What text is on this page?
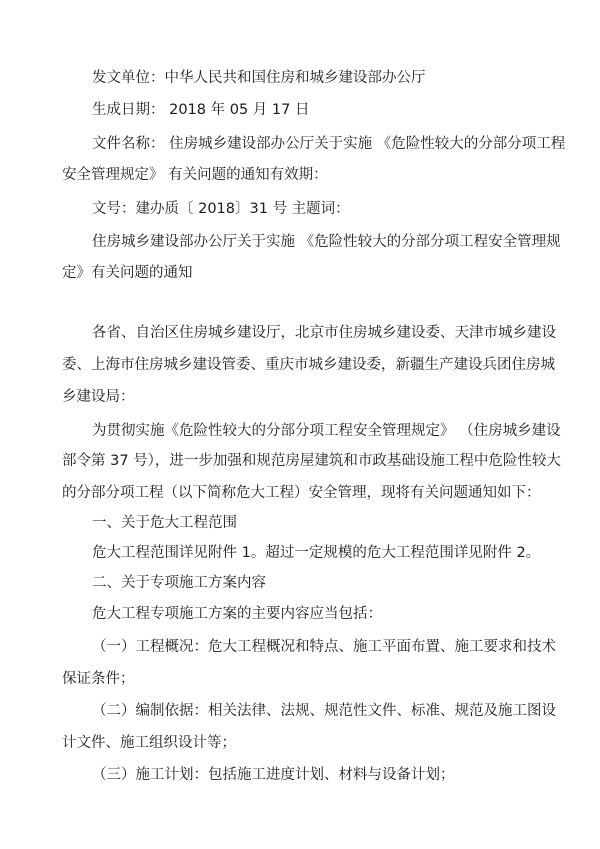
发文单位：中华人民共和国住房和城乡建设部办公厅
生成日期： 2018 年 05 月 17 日
文件名称： 住房城乡建设部办公厅关于实施 《危险性较大的分部分项工程
安全管理规定》 有关问题的通知有效期：
文号：建办质〔 2018〕31 号 主题词：
住房城乡建设部办公厅关于实施 《危险性较大的分部分项工程安全管理规
定》有关问题的通知
各省、自治区住房城乡建设厅，北京市住房城乡建设委、天津市城乡建设
委、上海市住房城乡建设管委、重庆市城乡建设委，新疆生产建设兵团住房城
乡建设局：
为贯彻实施《危险性较大的分部分项工程安全管理规定》 （住房城乡建设
部令第 37 号），进一步加强和规范房屋建筑和市政基础设施工程中危险性较大
的分部分项工程（以下简称危大工程）安全管理，现将有关问题通知如下：
一、关于危大工程范围
危大工程范围详见附件 1。超过一定规模的危大工程范围详见附件 2。
二、关于专项施工方案内容
危大工程专项施工方案的主要内容应当包括：
（一）工程概况：危大工程概况和特点、施工平面布置、施工要求和技术
保证条件；
（二）编制依据：相关法律、法规、规范性文件、标准、规范及施工图设
计文件、施工组织设计等；
（三）施工计划：包括施工进度计划、材料与设备计划；
